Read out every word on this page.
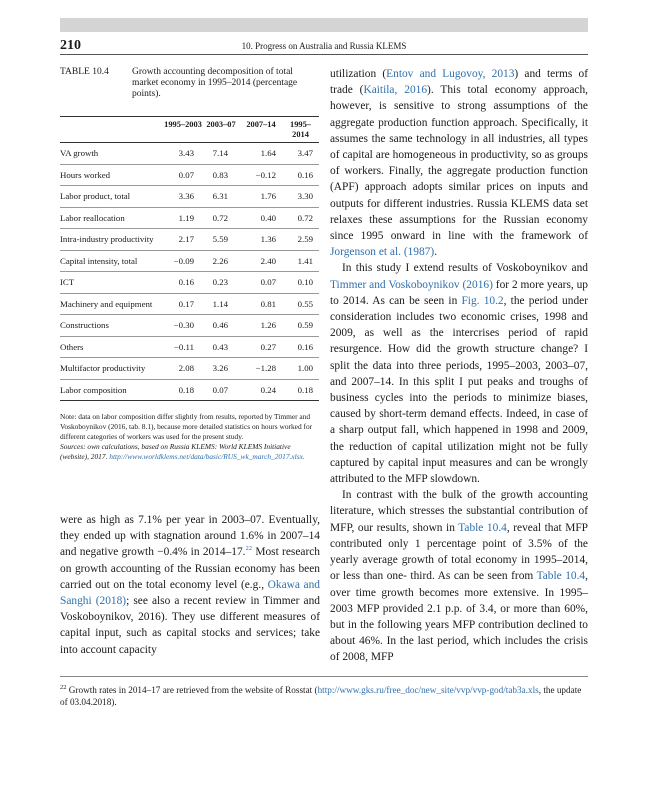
210	10. Progress on Australia and Russia KLEMS
TABLE 10.4 Growth accounting decomposition of total market economy in 1995–2014 (percentage points).
	1995–2003	2003–07	2007–14	1995–2014
VA growth	3.43	7.14	1.64	3.47
Hours worked	0.07	0.83	−0.12	0.16
Labor product, total	3.36	6.31	1.76	3.30
Labor reallocation	1.19	0.72	0.40	0.72
Intra-industry productivity	2.17	5.59	1.36	2.59
Capital intensity, total	−0.09	2.26	2.40	1.41
ICT	0.16	0.23	0.07	0.10
Machinery and equipment	0.17	1.14	0.81	0.55
Constructions	−0.30	0.46	1.26	0.59
Others	−0.11	0.43	0.27	0.16
Multifactor productivity	2.08	3.26	−1.28	1.00
Labor composition	0.18	0.07	0.24	0.18
Note: data on labor composition differ slightly from results, reported by Timmer and Voskoboynikov (2016, tab. 8.1), because more detailed statistics on hours worked for different categories of workers was used for the present study.
Sources: own calculations, based on Russia KLEMS: World KLEMS Initiative (website), 2017. http://www.worldklems.net/data/basic/RUS_wk_march_2017.xlsx.

were as high as 7.1% per year in 2003–07. Eventually, they ended up with stagnation around 1.6% in 2007–14 and negative growth −0.4% in 2014–17.22 Most research on growth accounting of the Russian economy has been carried out on the total economy level (e.g., Okawa and Sanghi (2018); see also a recent review in Timmer and Voskoboynikov, 2016). They use different measures of capital input, such as capital stocks and services; take into account capacity

utilization (Entov and Lugovoy, 2013) and terms of trade (Kaitila, 2016). This total economy approach, however, is sensitive to strong assumptions of the aggregate production function approach. Specifically, it assumes the same technology in all industries, all types of capital are homogeneous in productivity, so as groups of workers. Finally, the aggregate production function (APF) approach adopts similar prices on inputs and outputs for different industries. Russia KLEMS data set relaxes these assumptions for the Russian economy since 1995 onward in line with the framework of Jorgenson et al. (1987).

In this study I extend results of Voskoboynikov and Timmer and Voskoboynikov (2016) for 2 more years, up to 2014. As can be seen in Fig. 10.2, the period under consideration includes two economic crises, 1998 and 2009, as well as the intercrises period of rapid resurgence. How did the growth structure change? I split the data into three periods, 1995–2003, 2003–07, and 2007–14. In this split I put peaks and troughs of business cycles into the periods to minimize biases, caused by short-term demand effects. Indeed, in case of a sharp output fall, which happened in 1998 and 2009, the reduction of capital utilization might not be fully captured by capital input measures and can be wrongly attributed to the MFP slowdown.

In contrast with the bulk of the growth accounting literature, which stresses the substantial contribution of MFP, our results, shown in Table 10.4, reveal that MFP contributed only 1 percentage point of 3.5% of the yearly average growth of total economy in 1995–2014, or less than one- third. As can be seen from Table 10.4, over time growth becomes more extensive. In 1995–2003 MFP provided 2.1 p.p. of 3.4, or more than 60%, but in the following years MFP contribution declined to about 46%. In the last period, which includes the crisis of 2008, MFP

$^{22}$ Growth rates in 2014–17 are retrieved from the website of Rosstat (http://www.gks.ru/free_doc/new_site/vvp/vvp-god/tab3a.xls, the update of 03.04.2018).
